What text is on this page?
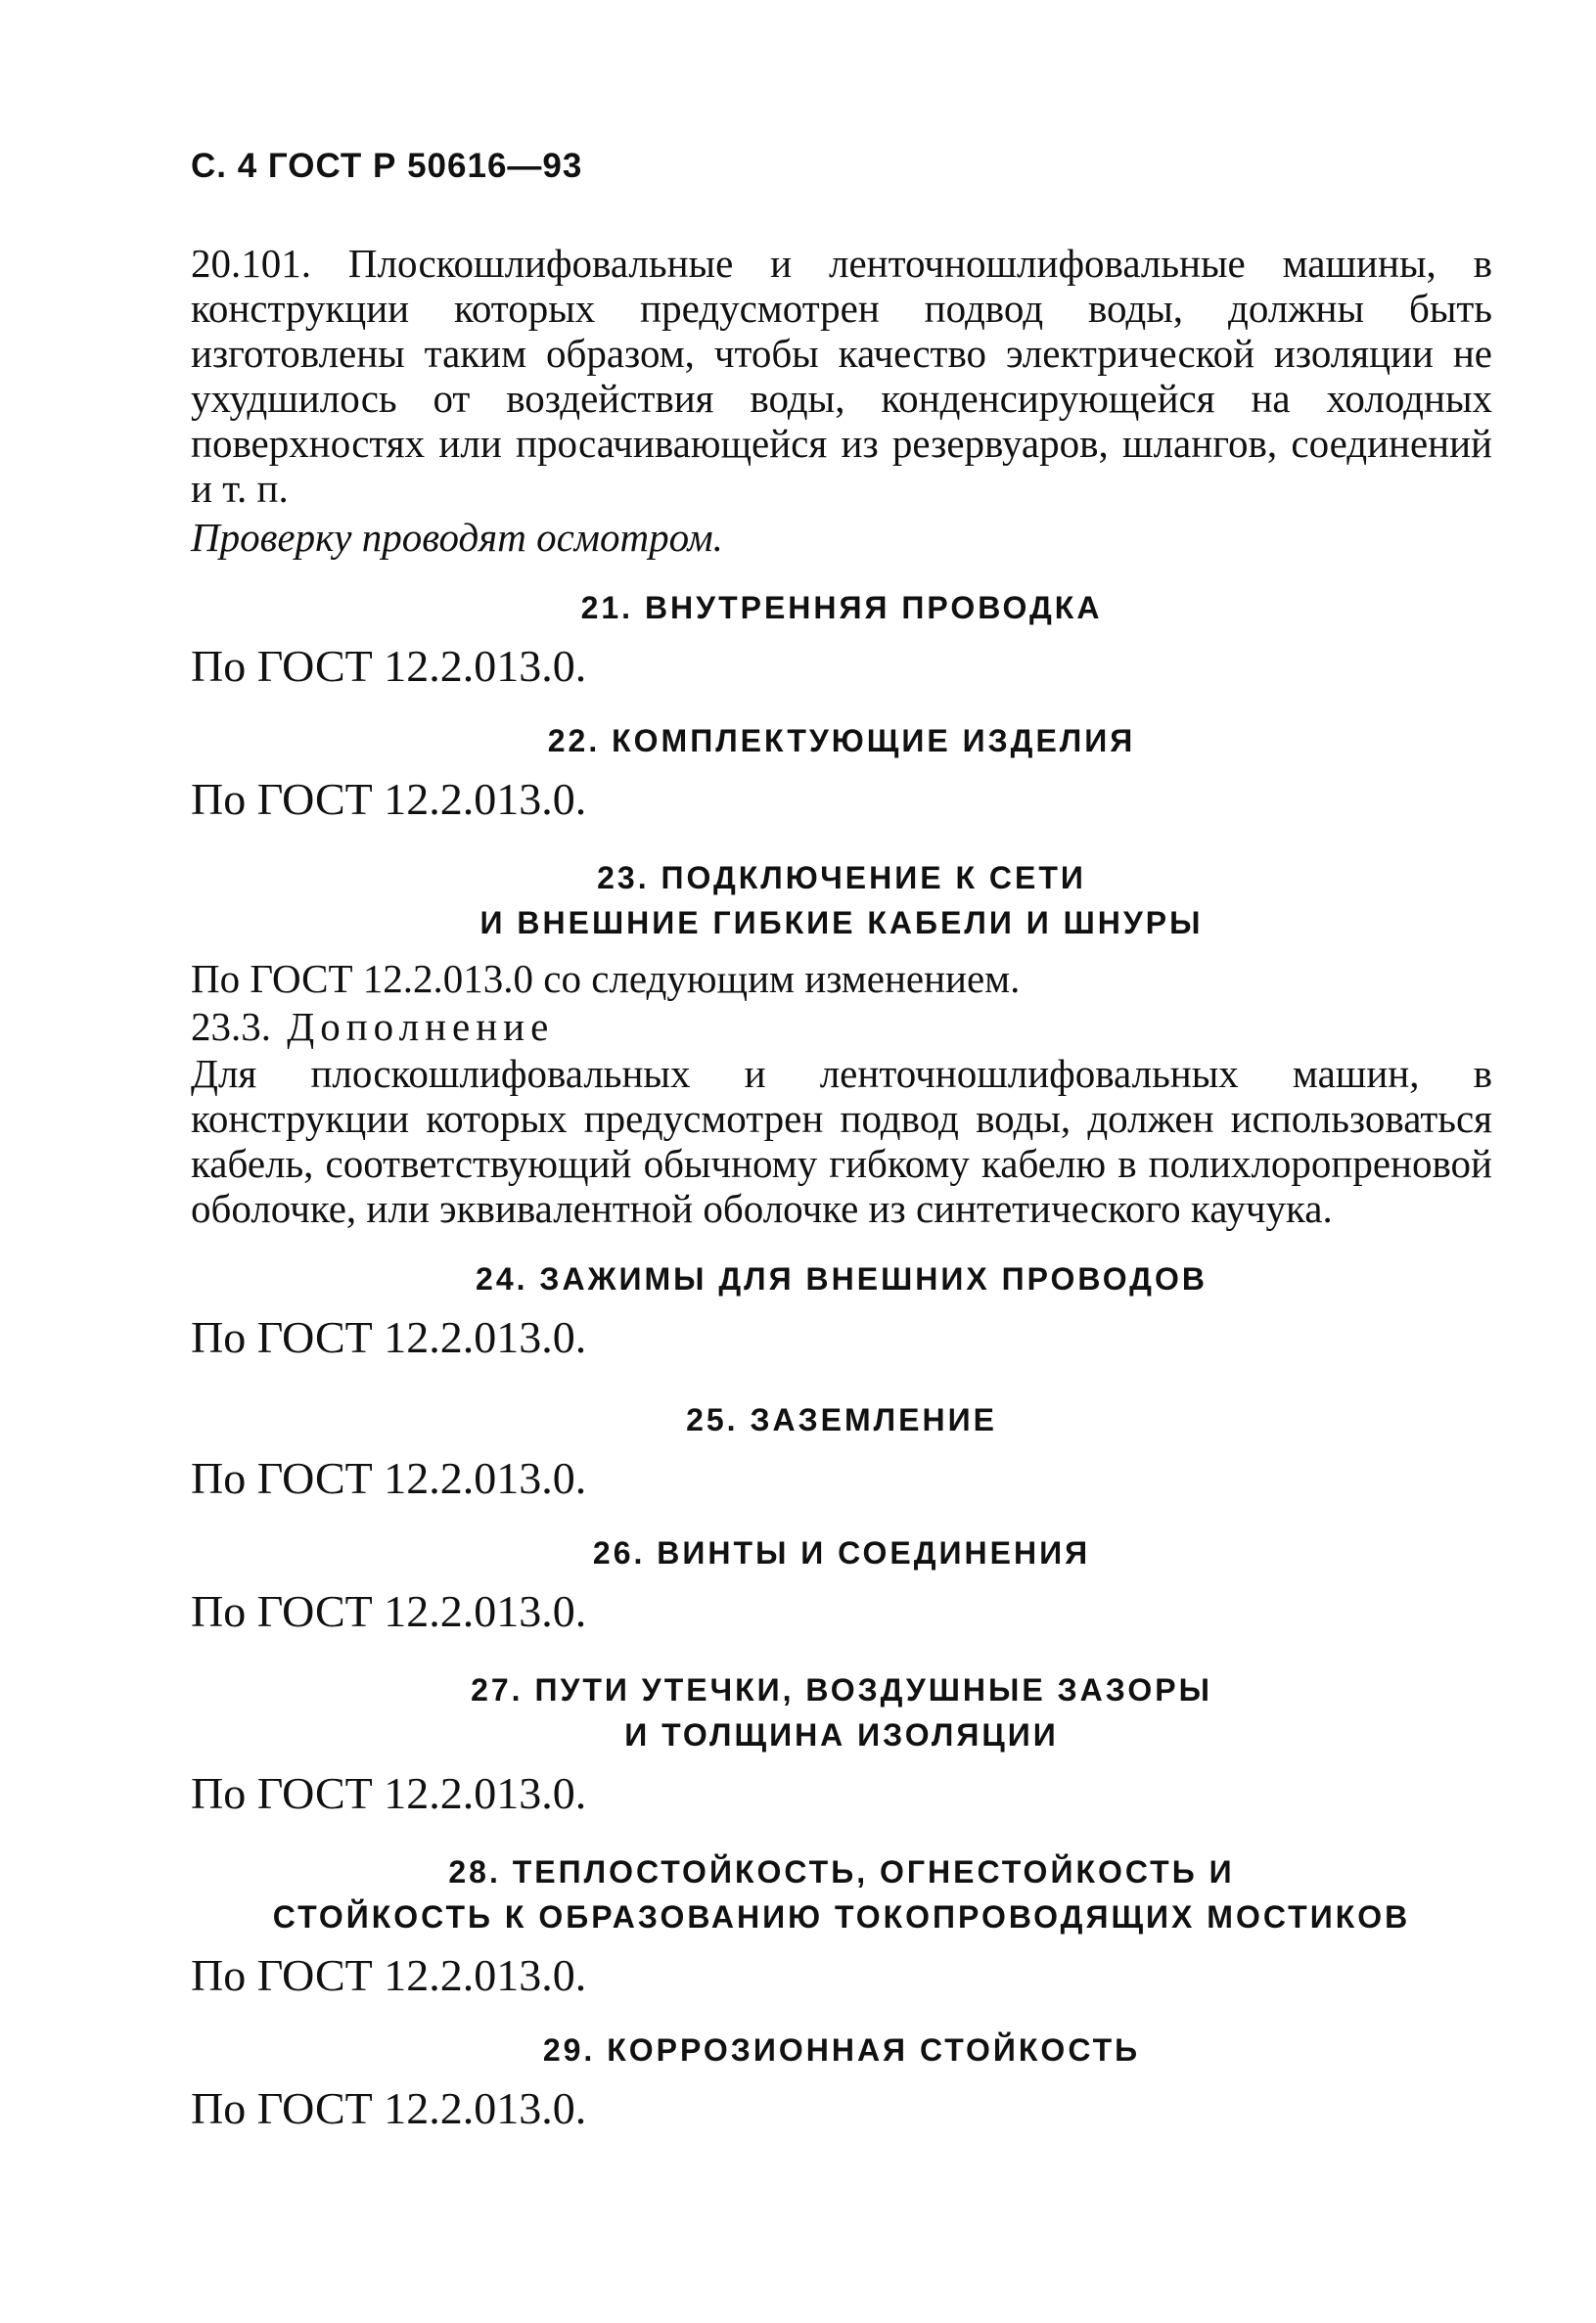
С. 4 ГОСТ Р 50616—93

20.101. Плоскошлифовальные и ленточношлифовальные машины, в конструкции которых предусмотрен подвод воды, должны быть изготовлены таким образом, чтобы качество электрической изоляции не ухудшилось от воздействия воды, конденсирующейся на холодных поверхностях или просачивающейся из резервуаров, шлангов, соединений и т. п.

Проверку проводят осмотром.

21. ВНУТРЕННЯЯ ПРОВОДКА

По ГОСТ 12.2.013.0.

22. КОМПЛЕКТУЮЩИЕ ИЗДЕЛИЯ

По ГОСТ 12.2.013.0.

23. ПОДКЛЮЧЕНИЕ К СЕТИ
И ВНЕШНИЕ ГИБКИЕ КАБЕЛИ И ШНУРЫ

По ГОСТ 12.2.013.0 со следующим изменением.

23.3. Дополнение

Для плоскошлифовальных и ленточношлифовальных машин, в конструкции которых предусмотрен подвод воды, должен использоваться кабель, соответствующий обычному гибкому кабелю в полихлоропреновой оболочке, или эквивалентной оболочке из синтетического каучука.

24. ЗАЖИМЫ ДЛЯ ВНЕШНИХ ПРОВОДОВ

По ГОСТ 12.2.013.0.

25. ЗАЗЕМЛЕНИЕ

По ГОСТ 12.2.013.0.

26. ВИНТЫ И СОЕДИНЕНИЯ

По ГОСТ 12.2.013.0.

27. ПУТИ УТЕЧКИ, ВОЗДУШНЫЕ ЗАЗОРЫ
И ТОЛЩИНА ИЗОЛЯЦИИ

По ГОСТ 12.2.013.0.

28. ТЕПЛОСТОЙКОСТЬ, ОГНЕСТОЙКОСТЬ И
СТОЙКОСТЬ К ОБРАЗОВАНИЮ ТОКОПРОВОДЯЩИХ МОСТИКОВ

По ГОСТ 12.2.013.0.

29. КОРРОЗИОННАЯ СТОЙКОСТЬ

По ГОСТ 12.2.013.0.
